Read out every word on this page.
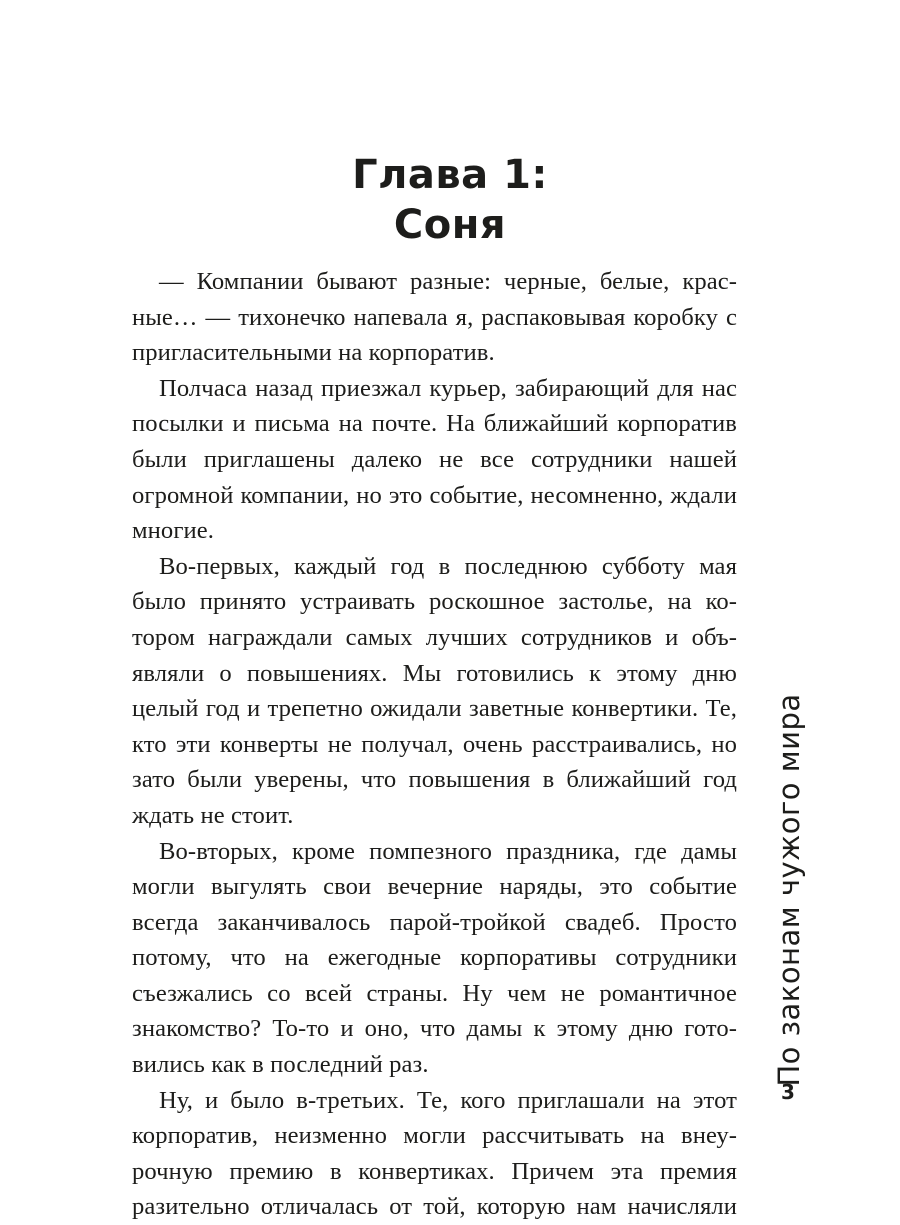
Глава 1:
Соня

— Компании бывают разные: черные, белые, красные… — тихонечко напевала я, распаковывая коробку с пригласительными на корпоратив.

Полчаса назад приезжал курьер, забирающий для нас посылки и письма на почте. На ближайший корпоратив были приглашены далеко не все сотрудники нашей огромной компании, но это событие, несомненно, ждали многие.

Во-первых, каждый год в последнюю субботу мая было принято устраивать роскошное застолье, на котором награждали самых лучших сотрудников и объявляли о повышениях. Мы готовились к этому дню целый год и трепетно ожидали заветные конвертики. Те, кто эти конверты не получал, очень расстраивались, но зато были уверены, что повышения в ближайший год ждать не стоит.

Во-вторых, кроме помпезного праздника, где дамы могли выгулять свои вечерние наряды, это событие всегда заканчивалось парой-тройкой свадеб. Просто потому, что на ежегодные корпоративы сотрудники съезжались со всей страны. Ну чем не романтичное знакомство? То-то и оно, что дамы к этому дню готовились как в последний раз.

Ну, и было в-третьих. Те, кого приглашали на этот корпоратив, неизменно могли рассчитывать на внеурочную премию в конвертиках. Причем эта премия разительно отличалась от той, которую нам начисляли

По законам чужого мира
3
